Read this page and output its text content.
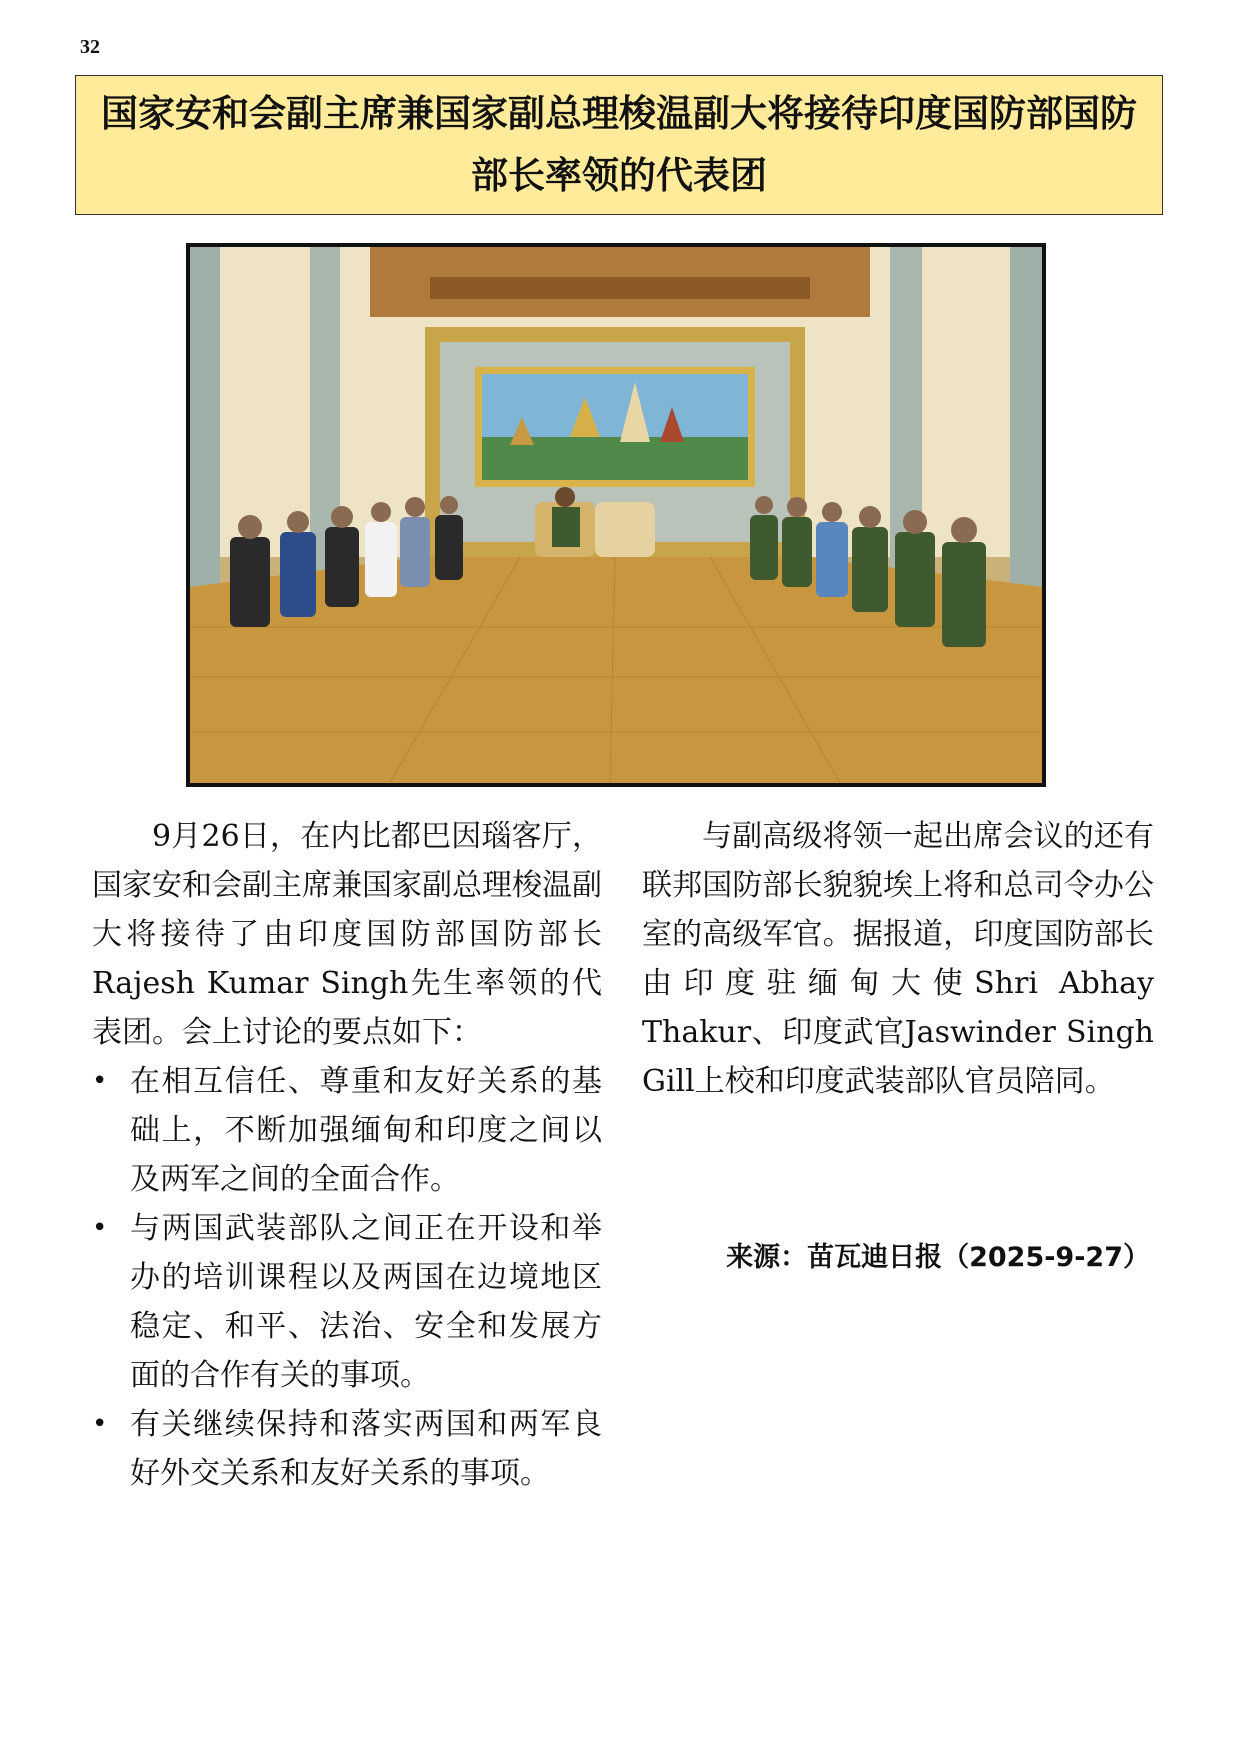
32
国家安和会副主席兼国家副总理梭温副大将接待印度国防部国防部长率领的代表团

9月26日，在内比都巴因瑙客厅，国家安和会副主席兼国家副总理梭温副大将接待了由印度国防部国防部长Rajesh Kumar Singh先生率领的代表团。会上讨论的要点如下：

• 在相互信任、尊重和友好关系的基础上，不断加强缅甸和印度之间以及两军之间的全面合作。
• 与两国武装部队之间正在开设和举办的培训课程以及两国在边境地区稳定、和平、法治、安全和发展方面的合作有关的事项。
• 有关继续保持和落实两国和两军良好外交关系和友好关系的事项。

与副高级将领一起出席会议的还有联邦国防部长貌貌埃上将和总司令办公室的高级军官。据报道，印度国防部长由印度驻缅甸大使Shri Abhay Thakur、印度武官Jaswinder Singh Gill上校和印度武装部队官员陪同。

来源：苗瓦迪日报（2025-9-27）
